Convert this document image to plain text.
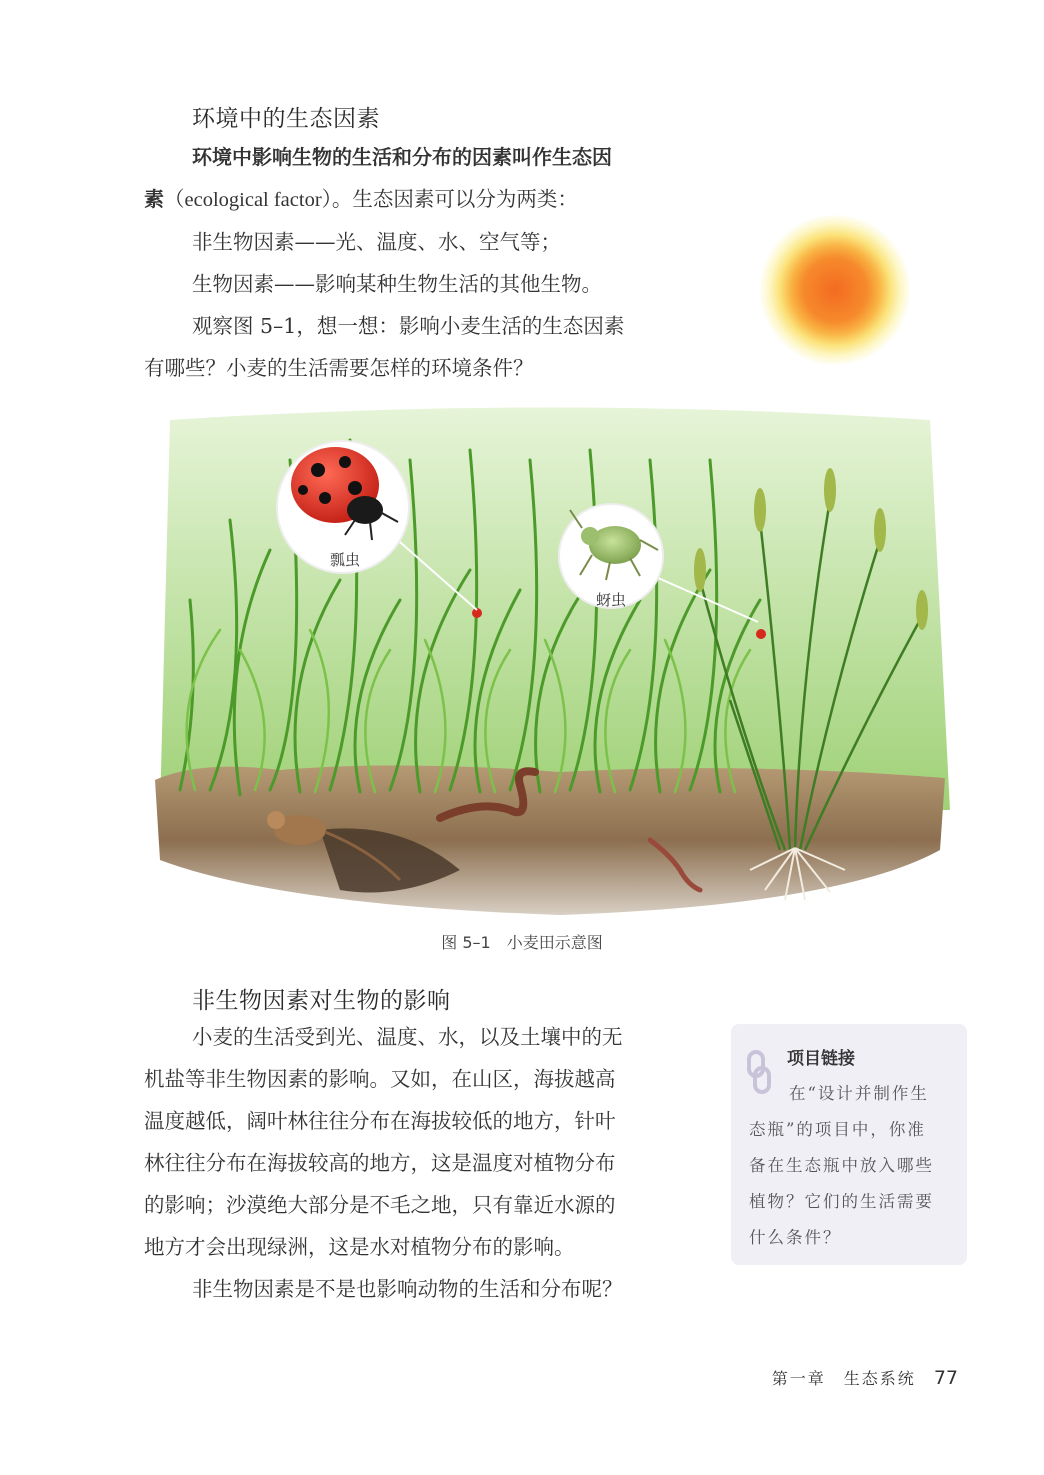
环境中的生态因素

环境中影响生物的生活和分布的因素叫作生态因

素（ecological factor）。生态因素可以分为两类：

非生物因素——光、温度、水、空气等；

生物因素——影响某种生物生活的其他生物。

观察图 5–1，想一想：影响小麦生活的生态因素

有哪些？小麦的生活需要怎样的环境条件？

瓢虫
蚜虫
图 5–1　小麦田示意图
非生物因素对生物的影响

小麦的生活受到光、温度、水，以及土壤中的无

机盐等非生物因素的影响。又如，在山区，海拔越高

温度越低，阔叶林往往分布在海拔较低的地方，针叶

林往往分布在海拔较高的地方，这是温度对植物分布

的影响；沙漠绝大部分是不毛之地，只有靠近水源的

地方才会出现绿洲，这是水对植物分布的影响。

非生物因素是不是也影响动物的生活和分布呢？

项目链接

在“设计并制作生

态瓶”的项目中，你准

备在生态瓶中放入哪些

植物？它们的生活需要

什么条件？

第一章　生态系统 77
